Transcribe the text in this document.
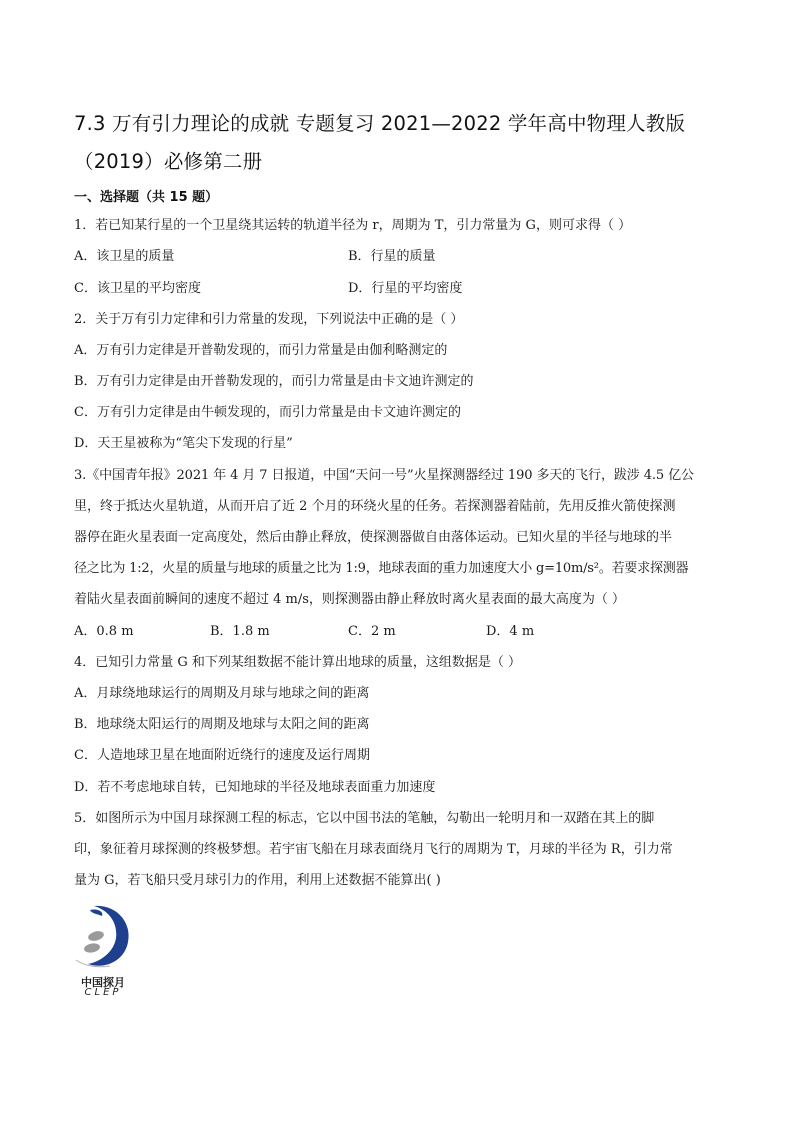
7.3 万有引力理论的成就 专题复习 2021—2022 学年高中物理人教版
（2019）必修第二册
一、选择题（共 15 题）
1．若已知某行星的一个卫星绕其运转的轨道半径为 r，周期为 T，引力常量为 G，则可求得（ ）
A．该卫星的质量	B．行星的质量
C．该卫星的平均密度	D．行星的平均密度
2．关于万有引力定律和引力常量的发现，下列说法中正确的是（ ）
A．万有引力定律是开普勒发现的，而引力常量是由伽利略测定的
B．万有引力定律是由开普勒发现的，而引力常量是由卡文迪许测定的
C．万有引力定律是由牛顿发现的，而引力常量是由卡文迪许测定的
D．天王星被称为“笔尖下发现的行星”
3.《中国青年报》2021 年 4 月 7 日报道，中国“天问一号”火星探测器经过 190 多天的飞行，跋涉 4.5 亿公
里，终于抵达火星轨道，从而开启了近 2 个月的环绕火星的任务。若探测器着陆前，先用反推火箭使探测
器停在距火星表面一定高度处，然后由静止释放，使探测器做自由落体运动。已知火星的半径与地球的半
径之比为 1:2，火星的质量与地球的质量之比为 1:9，地球表面的重力加速度大小 g=10m/s²。若要求探测器
着陆火星表面前瞬间的速度不超过 4 m/s，则探测器由静止释放时离火星表面的最大高度为（ ）
A．0.8 m	B．1.8 m	C．2 m	D．4 m
4．已知引力常量 G 和下列某组数据不能计算出地球的质量，这组数据是（ ）
A．月球绕地球运行的周期及月球与地球之间的距离
B．地球绕太阳运行的周期及地球与太阳之间的距离
C．人造地球卫星在地面附近绕行的速度及运行周期
D．若不考虑地球自转，已知地球的半径及地球表面重力加速度
5．如图所示为中国月球探测工程的标志，它以中国书法的笔触，勾勒出一轮明月和一双踏在其上的脚
印，象征着月球探测的终极梦想。若宇宙飞船在月球表面绕月飞行的周期为 T，月球的半径为 R，引力常
量为 G，若飞船只受月球引力的作用，利用上述数据不能算出( )
中国探月
CLEP
